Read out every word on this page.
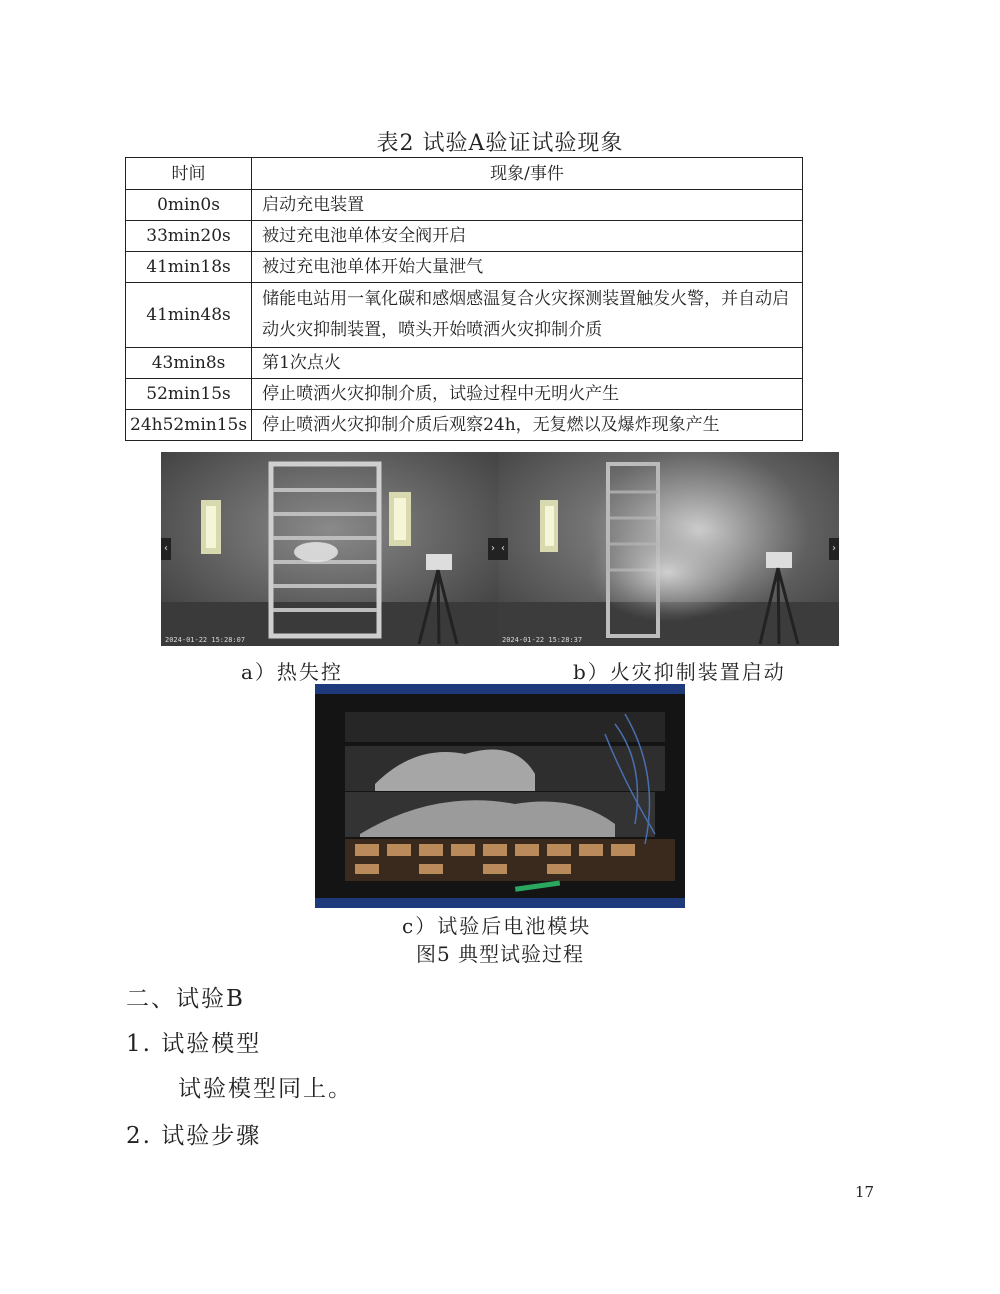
表2 试验A验证试验现象
时间	现象/事件
0min0s	启动充电装置
33min20s	被过充电池单体安全阀开启
41min18s	被过充电池单体开始大量泄气
41min48s	储能电站用一氧化碳和感烟感温复合火灾探测装置触发火警，并自动启动火灾抑制装置，喷头开始喷洒火灾抑制介质
43min8s	第1次点火
52min15s	停止喷洒火灾抑制介质，试验过程中无明火产生
24h52min15s	停止喷洒火灾抑制介质后观察24h，无复燃以及爆炸现象产生
‹	›
2024-01-22 15:28:07
‹	›
2024-01-22 15:28:37
a）热失控	b）火灾抑制装置启动
c）试验后电池模块
图5 典型试验过程
二、试验B
1. 试验模型
试验模型同上。
2. 试验步骤
17
